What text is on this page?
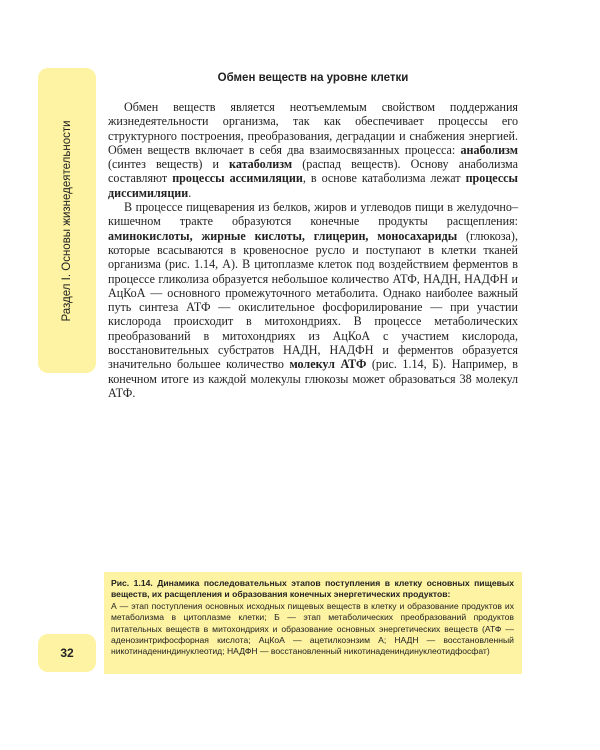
Раздел I. Основы жизнедеятельности
32
Обмен веществ на уровне клетки

Обмен веществ является неотъемлемым свойством поддержания жизнедеятельности организма, так как обеспечивает процессы его структурного построения, преобразования, деградации и снабжения энергией. Обмен веществ включает в себя два взаимосвязанных процесса: анаболизм (синтез веществ) и катаболизм (распад веществ). Основу анаболизма составляют процессы ассимиляции, в основе катаболизма лежат процессы диссимиляции.

В процессе пищеварения из белков, жиров и углеводов пищи в желудочно–кишечном тракте образуются конечные продукты расщепления: аминокислоты, жирные кислоты, глицерин, моносахариды (глюкоза), которые всасываются в кровеносное русло и поступают в клетки тканей организма (рис. 1.14, А). В цитоплазме клеток под воздействием ферментов в процессе гликолиза образуется небольшое количество АТФ, НАДН, НАДФН и АцКоА — основного промежуточного метаболита. Однако наиболее важный путь синтеза АТФ — окислительное фосфорилирование — при участии кислорода происходит в митохондриях. В процессе метаболических преобразований в митохондриях из АцКоА с участием кислорода, восстановительных субстратов НАДН, НАДФН и ферментов образуется значительно большее количество молекул АТФ (рис. 1.14, Б). Например, в конечном итоге из каждой молекулы глюкозы может образоваться 38 молекул АТФ.

Рис. 1.14. Динамика последовательных этапов поступления в клетку основных пищевых веществ, их расщепления и образования конечных энергетических продуктов:
А — этап поступления основных исходных пищевых веществ в клетку и образование продуктов их метаболизма в цитоплазме клетки; Б — этап метаболических преобразований продуктов питательных веществ в митохондриях и образование основных энергетических веществ (АТФ — аденозинтрифосфорная кислота; АцКоА — ацетилкоэнзим А; НАДН — восстановленный никотинадениндинуклеотид; НАДФН — восстановленный никотинадениндинуклеотидфосфат)
